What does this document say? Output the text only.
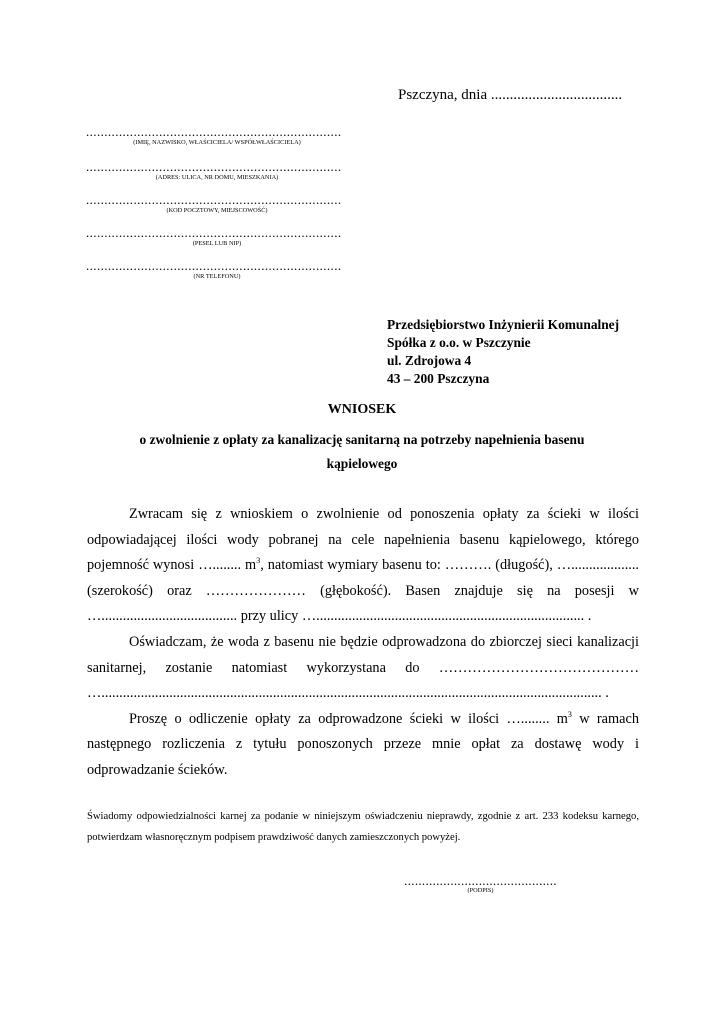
Pszczyna, dnia ...................................
......................................................................
(IMIĘ, NAZWISKO, WŁAŚCICIELA/ WSPÓŁWŁAŚCICIELA)
......................................................................
(ADRES: ULICA, NR DOMU, MIESZKANIA)
......................................................................
(KOD POCZTOWY, MIEJSCOWOŚĆ)
......................................................................
(PESEL LUB NIP)
......................................................................
(NR TELEFONU)
Przedsiębiorstwo Inżynierii Komunalnej
Spółka z o.o. w Pszczynie
ul. Zdrojowa 4
43 – 200 Pszczyna
WNIOSEK
o zwolnienie z opłaty za kanalizację sanitarną na potrzeby napełnienia basenu kąpielowego

Zwracam się z wnioskiem o zwolnienie od ponoszenia opłaty za ścieki w ilości odpowiadającej ilości wody pobranej na cele napełnienia basenu kąpielowego, którego pojemność wynosi …........ $m^3$, natomiast wymiary basenu to: ………. (długość), …................... (szerokość) oraz ………………… (głębokość). Basen znajduje się na posesji w …...................................... przy ulicy …........................................................................... .

Oświadczam, że woda z basenu nie będzie odprowadzona do zbiorczej sieci kanalizacji sanitarnej, zostanie natomiast wykorzystana do …………………………………… …............................................................................................................................................ .

Proszę o odliczenie opłaty za odprowadzone ścieki w ilości …........ $m^3$ w ramach następnego rozliczenia z tytułu ponoszonych przeze mnie opłat za dostawę wody i odprowadzanie ścieków.

Świadomy odpowiedzialności karnej za podanie w niniejszym oświadczeniu nieprawdy, zgodnie z art. 233 kodeksu karnego, potwierdzam własnoręcznym podpisem prawdziwość danych zamieszczonych powyżej.
...........................................
(PODPIS)
